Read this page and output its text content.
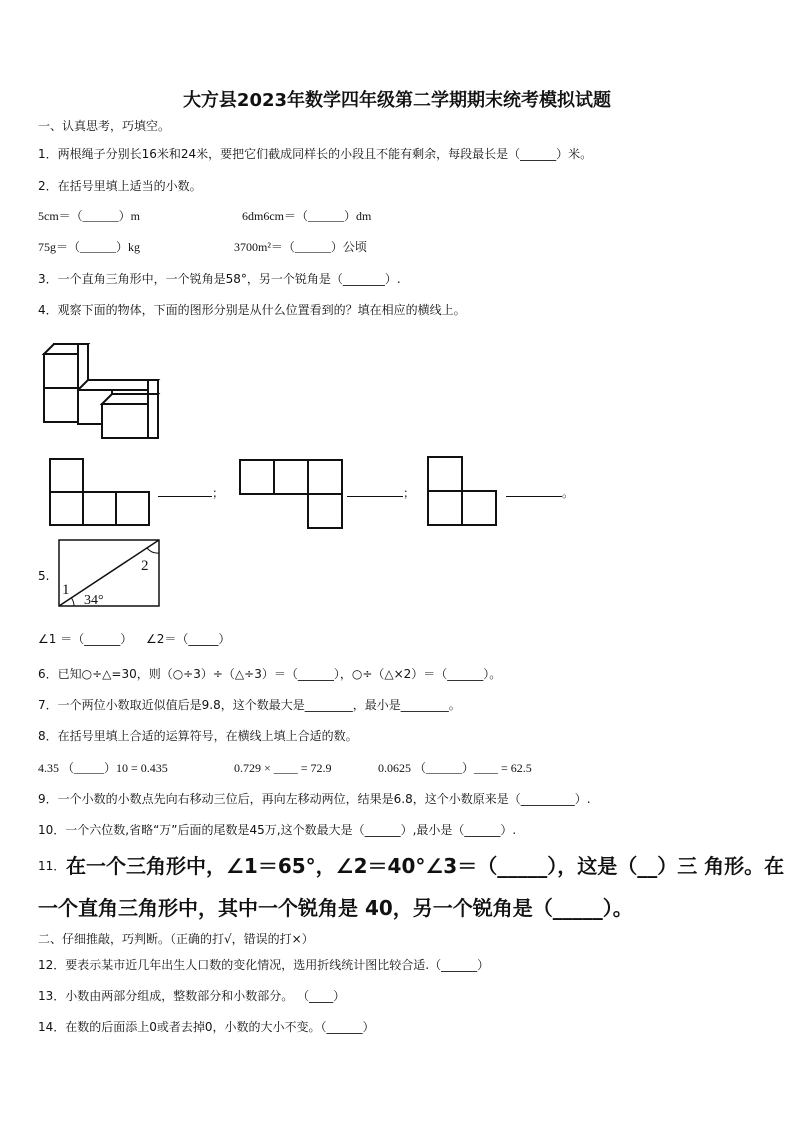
大方县2023年数学四年级第二学期期末统考模拟试题
一、认真思考，巧填空。
1．两根绳子分别长16米和24米，要把它们截成同样长的小段且不能有剩余，每段最长是（______）米。
2．在括号里填上适当的小数。
5cm＝（______）m	6dm6cm＝（______）dm
75g＝（______）kg	3700m²＝（______）公顷
3．一个直角三角形中，一个锐角是58°，另一个锐角是（_______）.
4．观察下面的物体，下面的图形分别是从什么位置看到的？填在相应的横线上。
；	；	。
5.
1
2
34°
∠1 ＝（______） ∠2＝（_____）
6．已知○÷△=30，则（○÷3）÷（△÷3）＝（______），○÷（△×2）＝（______）。
7．一个两位小数取近似值后是9.8，这个数最大是________，最小是________。
8．在括号里填上合适的运算符号，在横线上填上合适的数。
4.35 （_____）10 = 0.435	0.729 × ____ = 72.9	0.0625 （______）____ = 62.5
9．一个小数的小数点先向右移动三位后，再向左移动两位，结果是6.8，这个小数原来是（_________）.
10．一个六位数,省略“万”后面的尾数是45万,这个数最大是（______）,最小是（______）.
11． 在一个三角形中，∠1＝65°，∠2＝40°∠3＝（_____），这是（__）三 角形。在
一个直角三角形中，其中一个锐角是 40，另一个锐角是（_____）。
二、仔细推敲，巧判断。（正确的打√，错误的打×）
12．要表示某市近几年出生人口数的变化情况，选用折线统计图比较合适.（______）
13．小数由两部分组成，整数部分和小数部分。 （____）
14．在数的后面添上0或者去掉0，小数的大小不变。（______）
